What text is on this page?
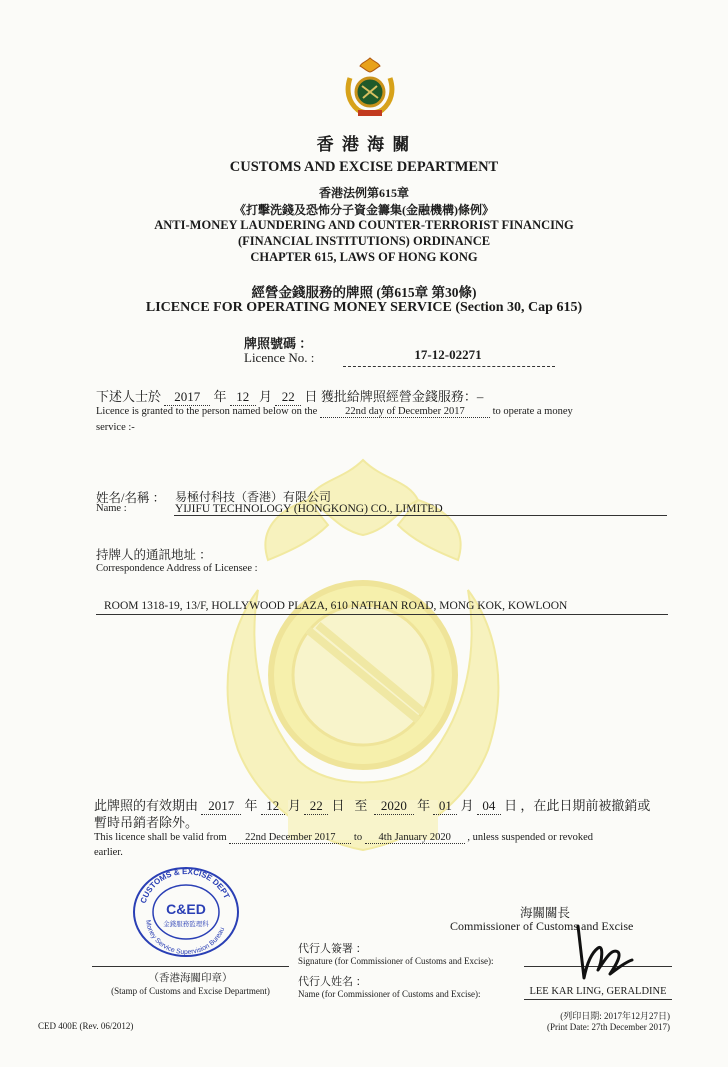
香 港 海 關
CUSTOMS AND EXCISE DEPARTMENT
香港法例第615章
《打擊洗錢及恐怖分子資金籌集(金融機構)條例》
ANTI-MONEY LAUNDERING AND COUNTER-TERRORIST FINANCING
(FINANCIAL INSTITUTIONS) ORDINANCE
CHAPTER 615, LAWS OF HONG KONG
經營金錢服務的牌照 (第615章 第30條)
LICENCE FOR OPERATING MONEY SERVICE (Section 30, Cap 615)
牌照號碼 ：
Licence No. :	17-12-02271
下述人士於 2017 年 12 月 22 日 獲批給牌照經營金錢服務：–
Licence is granted to the person named below on the	22nd day of December 2017	to operate a money
service :-
姓名/名稱 ：
Name :
易極付科技（香港）有限公司
YIJIFU TECHNOLOGY (HONGKONG) CO., LIMITED
持牌人的通訊地址 ：
Correspondence Address of Licensee :
ROOM 1318-19, 13/F, HOLLYWOOD PLAZA, 610 NATHAN ROAD, MONG KOK, KOWLOON
此牌照的有效期由 2017 年 12 月 22 日 至 2020 年 01 月 04 日 ，在此日期前被撤銷或
暫時吊銷者除外。
This licence shall be valid from 22nd December 2017 to 4th January 2020 , unless suspended or revoked
earlier.
CUSTOMS & EXCISE DEPT
Money Service Supervision Bureau
C&ED
金錢服務監理科
（香港海關印章）
(Stamp of Customs and Excise Department)
海關關長
Commissioner of Customs and Excise
代行人簽署 ：
Signature (for Commissioner of Customs and Excise):
代行人姓名 ：
Name (for Commissioner of Customs and Excise):	LEE KAR LING, GERALDINE
CED 400E (Rev. 06/2012)
(列印日期: 2017年12月27日)
(Print Date: 27th December 2017)
